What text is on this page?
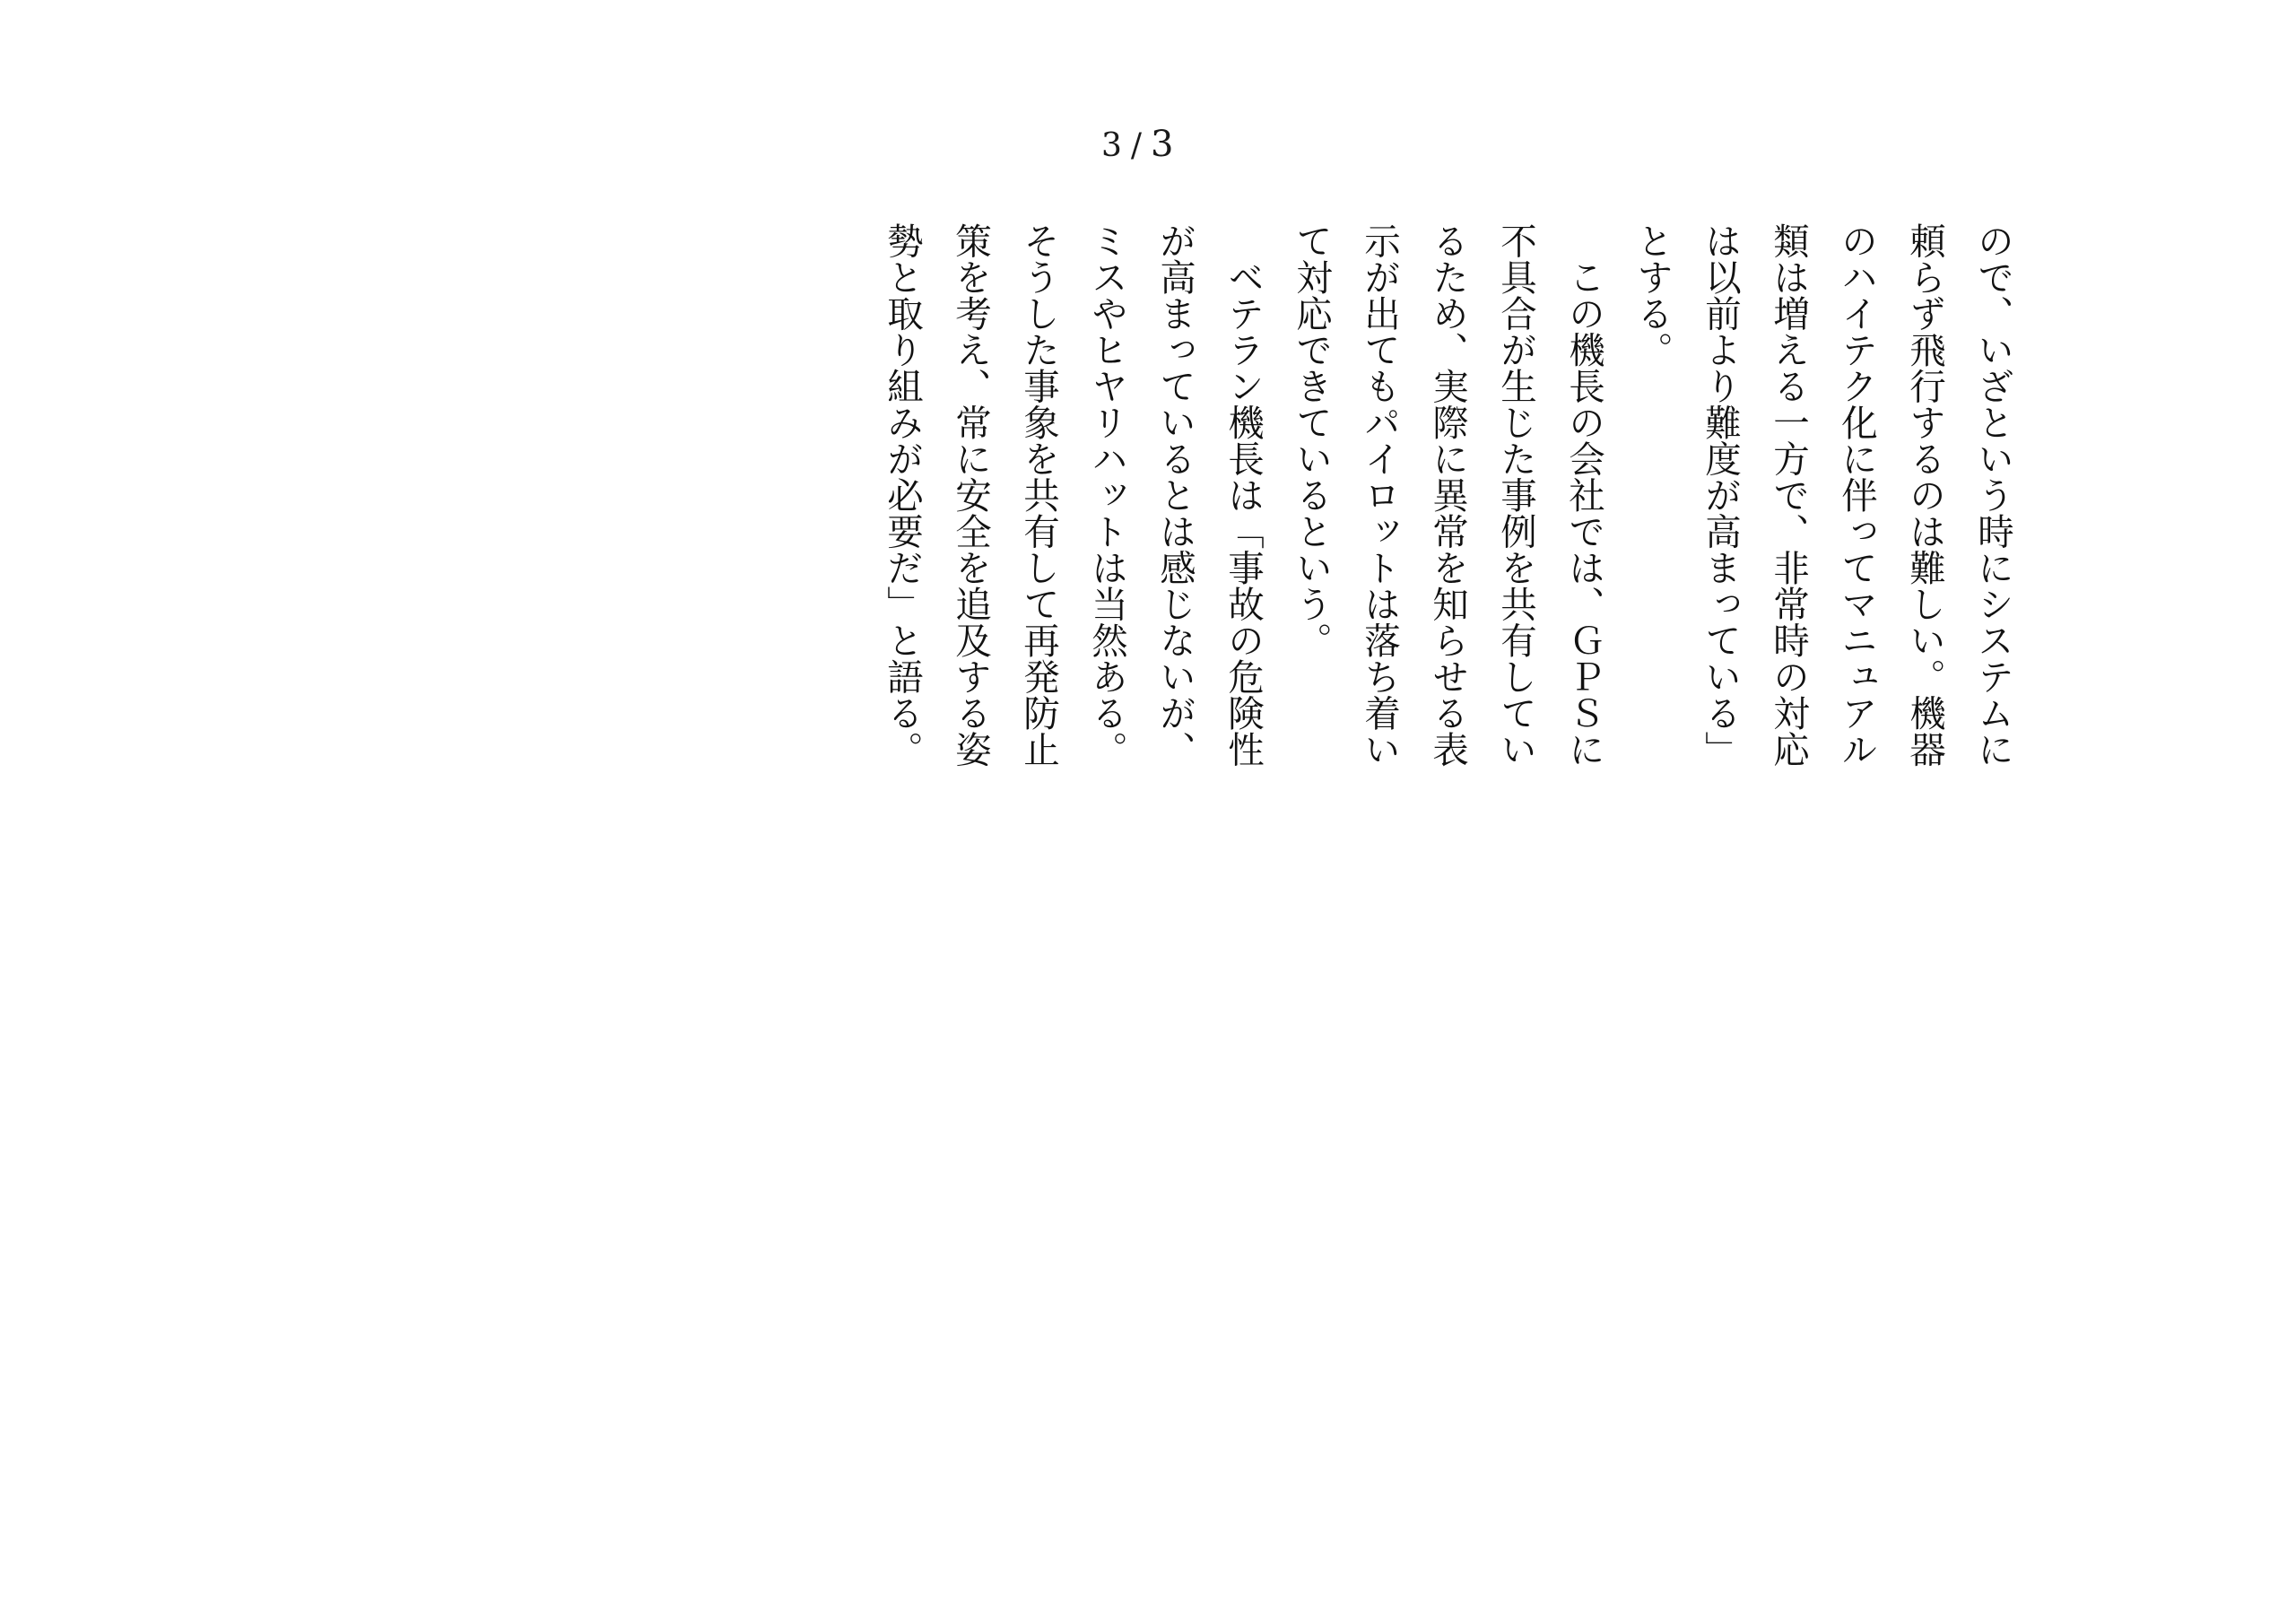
3 / 3
ので、いざという時にシステムに
頼らず飛行するのは難しい。機器
のハイテク化に伴ってマニュアル
類は増える一方で、非常時の対応
は以前より難度が高まっている」
とする。
　この機長の会社では、ＧＰＳに
不具合が生じた事例を共有してい
るため、実際に異常を知らせる表
示が出てもパイロットは落ち着い
て対応できているという。
　ベテラン機長は「事故の危険性
が高まっているとは感じないが、
ミスやヒヤリハットは当然ある。
そうした事象を共有して再発防止
策を考え、常に安全を追及する姿
勢と取り組みが必要だ」と語る。
